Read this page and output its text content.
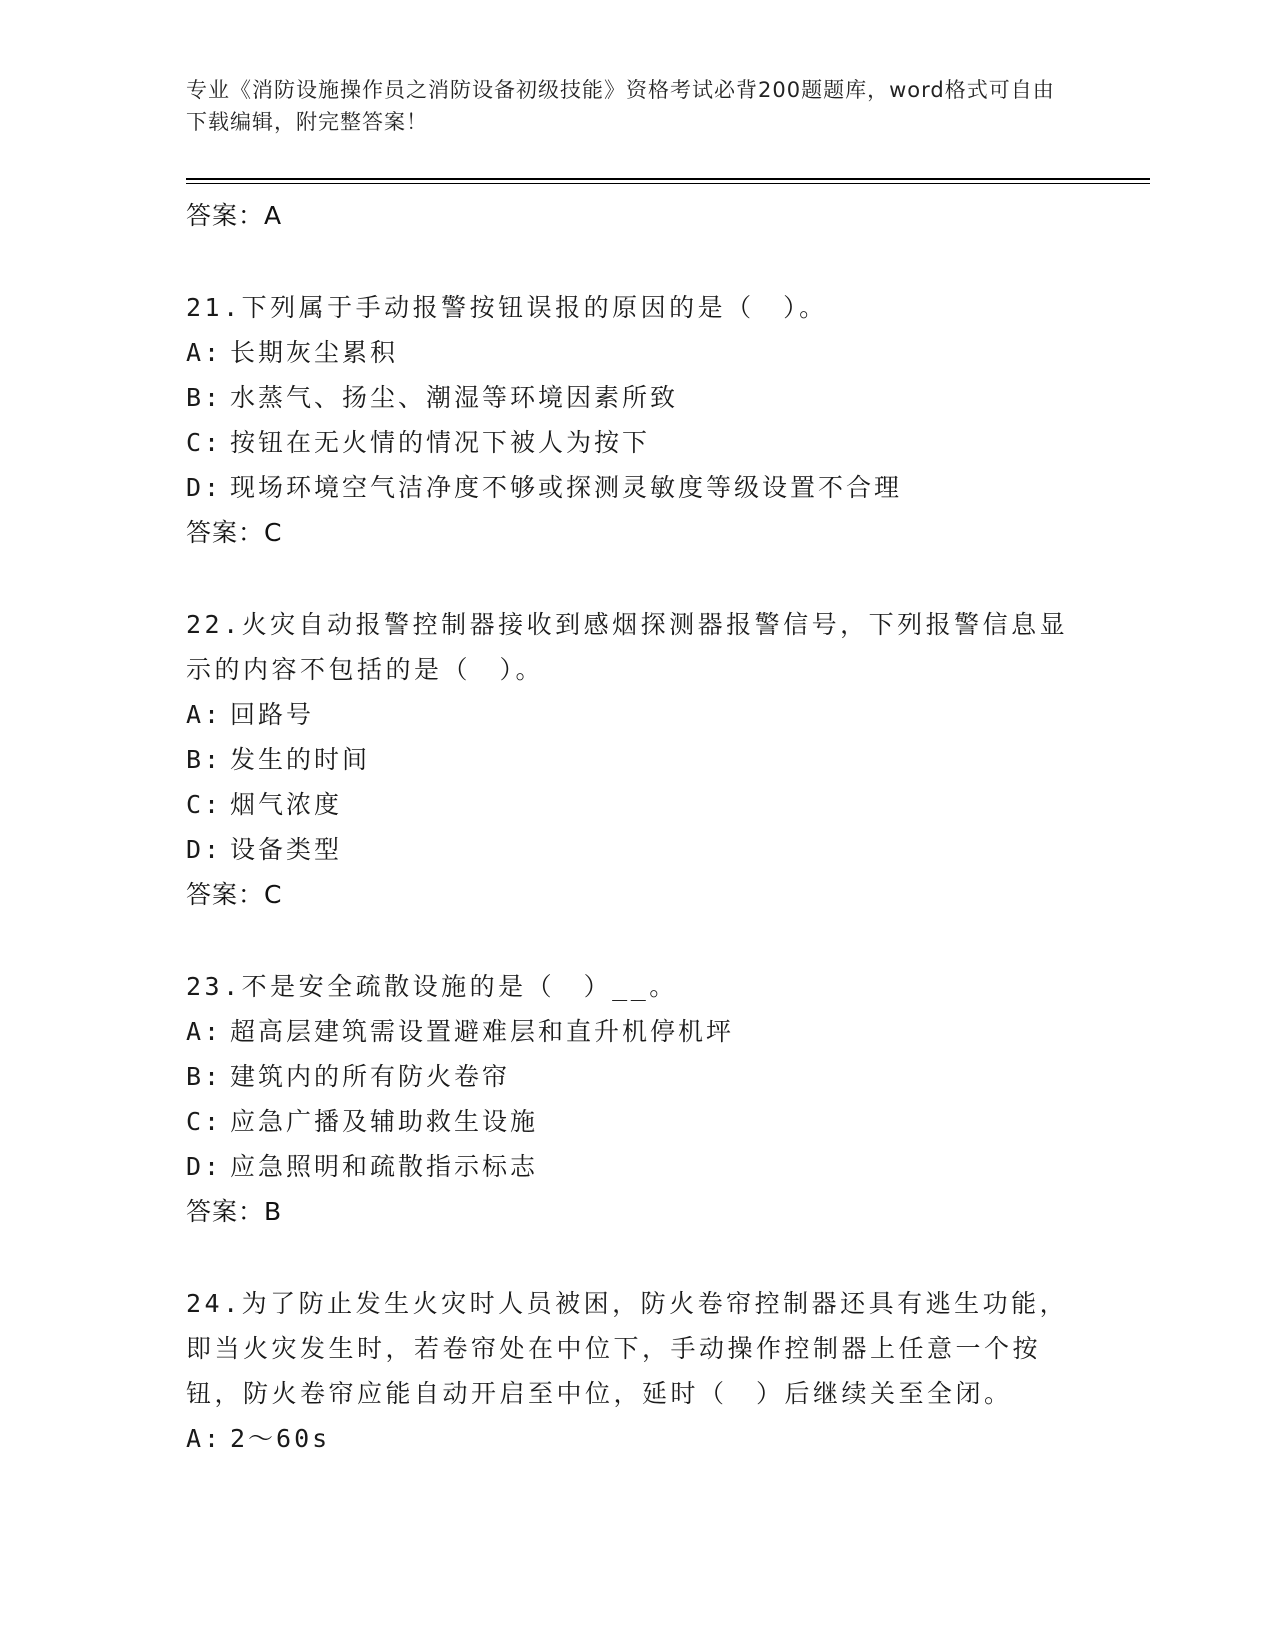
专业《消防设施操作员之消防设备初级技能》资格考试必背200题题库，word格式可自由下载编辑，附完整答案！
答案：A
21.下列属于手动报警按钮误报的原因的是（　）。
A: 长期灰尘累积
B: 水蒸气、扬尘、潮湿等环境因素所致
C: 按钮在无火情的情况下被人为按下
D: 现场环境空气洁净度不够或探测灵敏度等级设置不合理
答案：C
22.火灾自动报警控制器接收到感烟探测器报警信号，下列报警信息显
示的内容不包括的是（　）。
A: 回路号
B: 发生的时间
C: 烟气浓度
D: 设备类型
答案：C
23.不是安全疏散设施的是（　）__。
A: 超高层建筑需设置避难层和直升机停机坪
B: 建筑内的所有防火卷帘
C: 应急广播及辅助救生设施
D: 应急照明和疏散指示标志
答案：B
24.为了防止发生火灾时人员被困，防火卷帘控制器还具有逃生功能，
即当火灾发生时，若卷帘处在中位下，手动操作控制器上任意一个按
钮，防火卷帘应能自动开启至中位，延时（　）后继续关至全闭。
A: 2～60s
